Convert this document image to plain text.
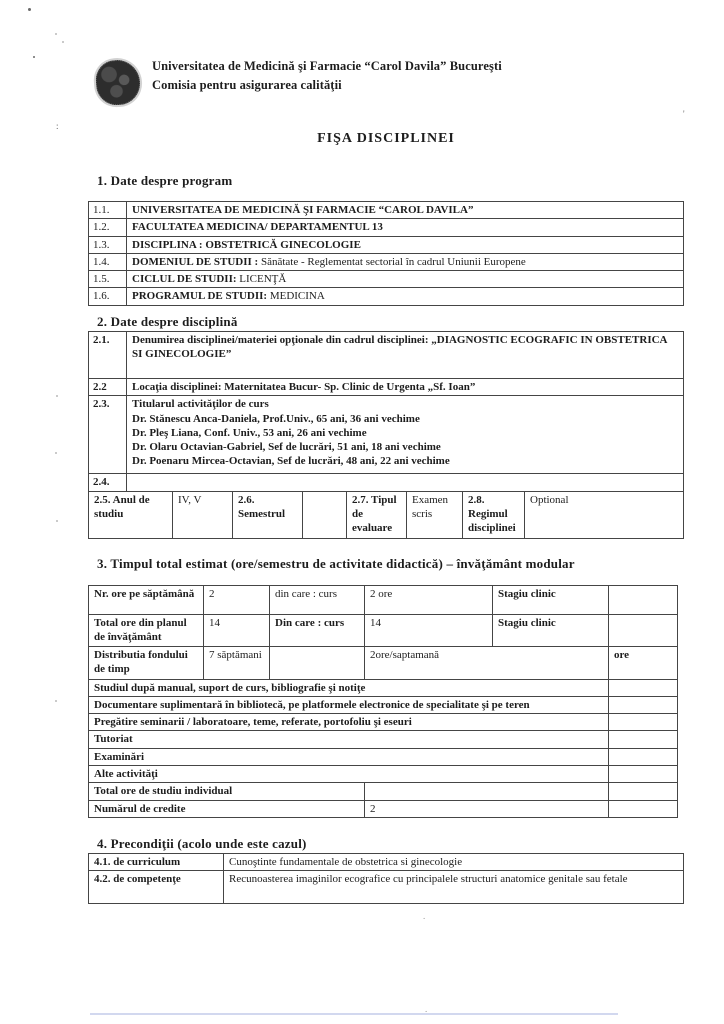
:
'
.
.
Universitatea de Medicină şi Farmacie “Carol Davila” Bucureşti
Comisia pentru asigurarea calităţii
FIŞA DISCIPLINEI
1. Date despre program
1.1.	UNIVERSITATEA DE MEDICINĂ ŞI FARMACIE “CAROL DAVILA”
1.2.	FACULTATEA MEDICINA/ DEPARTAMENTUL 13
1.3.	DISCIPLINA : OBSTETRICĂ GINECOLOGIE
1.4.	DOMENIUL DE STUDII : Sănătate - Reglementat sectorial în cadrul Uniunii Europene
1.5.	CICLUL DE STUDII: LICENŢĂ
1.6.	PROGRAMUL DE STUDII: MEDICINA
2. Date despre disciplină
2.1.	Denumirea disciplinei/materiei opţionale din cadrul disciplinei: „DIAGNOSTIC ECOGRAFIC IN OBSTETRICA SI GINECOLOGIE”							
2.2	Locaţia disciplinei: Maternitatea Bucur- Sp. Clinic de Urgenta „Sf. Ioan”							
2.3.	Titularul activităţilor de curs
Dr. Stănescu Anca-Daniela, Prof.Univ., 65 ani, 36 ani vechime
Dr. Pleş Liana, Conf. Univ., 53 ani, 26 ani vechime
Dr. Olaru Octavian-Gabriel, Sef de lucrări, 51 ani, 18 ani vechime
Dr. Poenaru Mircea-Octavian, Sef de lucrări, 48 ani, 22 ani vechime							

2.4.								
2.5. Anul de studiu		IV, V	2.6. Semestrul		2.7. Tipul de evaluare	Examen scris	2.8. Regimul disciplinei	Optional
3. Timpul total estimat (ore/semestru de activitate didactică) – învăţământ modular
Nr. ore pe săptămână	2	din care : curs	2 ore	Stagiu clinic	
Total ore din planul de învăţământ	14	Din care : curs	14	Stagiu clinic	
Distributia fondului de timp	7 săptămani		2ore/saptamană		ore
Studiul după manual, suport de curs, bibliografie şi notiţe					
Documentare suplimentară în bibliotecă, pe platformele electronice de specialitate şi pe teren					
Pregătire seminarii / laboratoare, teme, referate, portofoliu şi eseuri					
Tutoriat					
Examinări					
Alte activităţi					
Total ore de studiu individual					
Numărul de credite			2		
4. Precondiţii (acolo unde este cazul)
4.1. de curriculum	Cunoştinte fundamentale de obstetrica si ginecologie
4.2. de competenţe	Recunoasterea imaginilor ecografice cu principalele structuri anatomice genitale sau fetale
